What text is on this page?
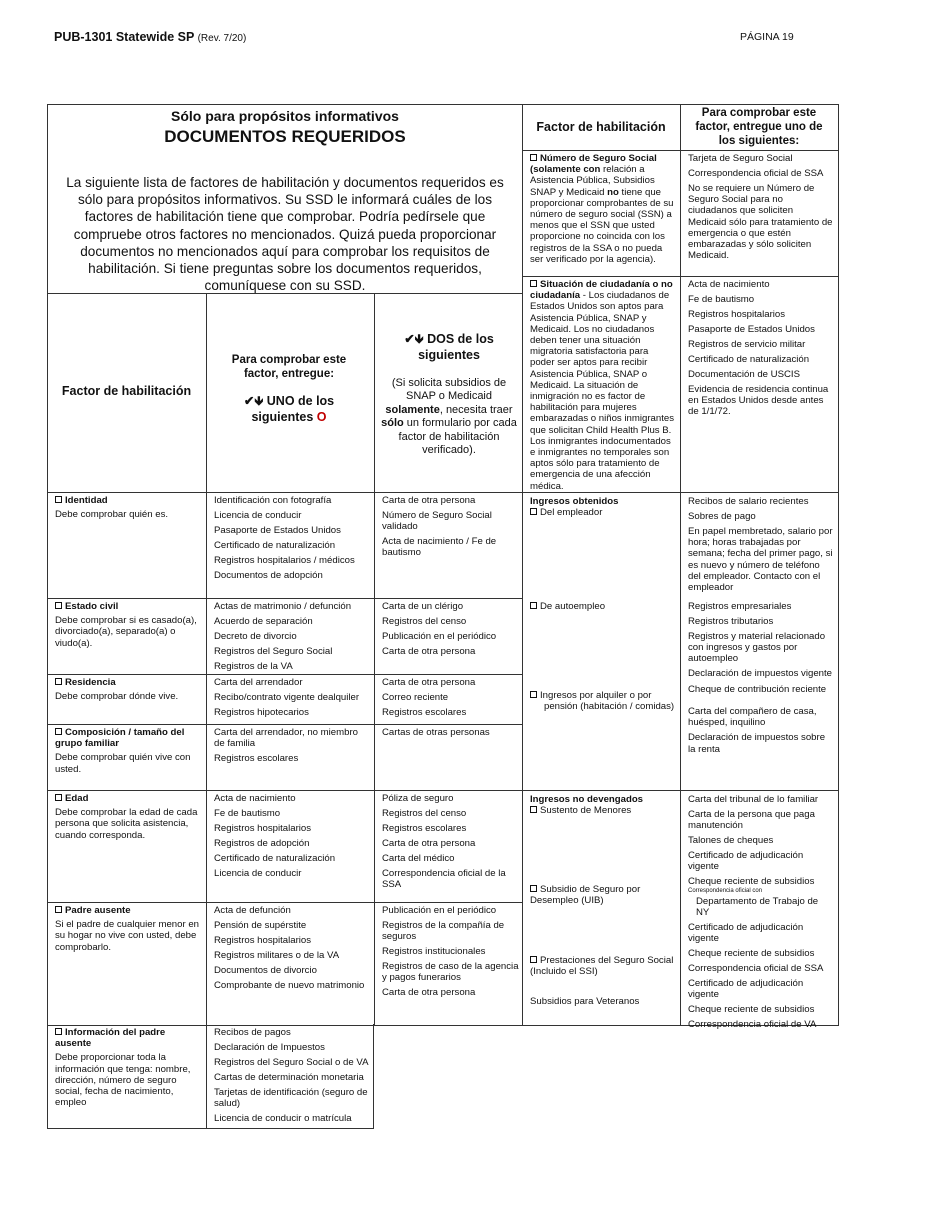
PUB-1301 Statewide SP (Rev. 7/20)	PÁGINA 19
Sólo para propósitos informativos
DOCUMENTOS REQUERIDOS
La siguiente lista de factores de habilitación y documentos requeridos es sólo para propósitos informativos. Su SSD le informará cuáles de los factores de habilitación tiene que comprobar. Podría pedírsele que compruebe otros factores no mencionados. Quizá pueda proporcionar documentos no mencionados aquí para comprobar los requisitos de habilitación. Si tiene preguntas sobre los documentos requeridos, comuníquese con su SSD.
Factor de habilitación
Para comprobar este factor, entregue:
✔🡻 UNO de los siguientes O
✔🡻 DOS de los siguientes
(Si solicita subsidios de SNAP o Medicaid solamente, necesita traer sólo un formulario por cada factor de habilitación verificado).
Identidad
Debe comprobar quién es.
Identificación con fotografía
Licencia de conducir
Pasaporte de Estados Unidos
Certificado de naturalización
Registros hospitalarios / médicos
Documentos de adopción
Carta de otra persona
Número de Seguro Social validado
Acta de nacimiento / Fe de bautismo
Estado civil
Debe comprobar si es casado(a), divorciado(a), separado(a) o viudo(a).
Actas de matrimonio / defunción
Acuerdo de separación
Decreto de divorcio
Registros del Seguro Social
Registros de la VA
Carta de un clérigo
Registros del censo
Publicación en el periódico
Carta de otra persona
Residencia
Debe comprobar dónde vive.
Carta del arrendador
Recibo/contrato vigente dealquiler
Registros hipotecarios
Carta de otra persona
Correo reciente
Registros escolares
Composición / tamaño del grupo familiar
Debe comprobar quién vive con usted.
Carta del arrendador, no miembro de familia
Registros escolares
Cartas de otras personas
Edad
Debe comprobar la edad de cada persona que solicita asistencia, cuando corresponda.
Acta de nacimiento
Fe de bautismo
Registros hospitalarios
Registros de adopción
Certificado de naturalización
Licencia de conducir
Póliza de seguro
Registros del censo
Registros escolares
Carta de otra persona
Carta del médico
Correspondencia oficial de la SSA
Padre ausente
Si el padre de cualquier menor en su hogar no vive con usted, debe comprobarlo.
Acta de defunción
Pensión de supérstite
Registros hospitalarios
Registros militares o de la VA
Documentos de divorcio
Comprobante de nuevo matrimonio
Publicación en el periódico
Registros de la compañía de seguros
Registros institucionales
Registros de caso de la agencia y pagos funerarios
Carta de otra persona
Información del padre ausente
Debe proporcionar toda la información que tenga: nombre, dirección, número de seguro social, fecha de nacimiento, empleo
Recibos de pagos
Declaración de Impuestos
Registros del Seguro Social o de VA
Cartas de determinación monetaria
Tarjetas de identificación (seguro de salud)
Licencia de conducir o matrícula
Factor de habilitación
Para comprobar este factor, entregue uno de los siguientes:
Número de Seguro Social
(solamente con relación a Asistencia Pública, Subsidios SNAP y Medicaid no tiene que proporcionar comprobantes de su número de seguro social (SSN) a menos que el SSN que usted proporcione no coincida con los registros de la SSA o no pueda ser verificado por la agencia).
Tarjeta de Seguro Social
Correspondencia oficial de SSA
No se requiere un Número de Seguro Social para no ciudadanos que soliciten Medicaid sólo para tratamiento de emergencia o que estén embarazadas y sólo soliciten Medicaid.
Situación de ciudadanía o no ciudadanía - Los ciudadanos de Estados Unidos son aptos para Asistencia Pública, SNAP y Medicaid. Los no ciudadanos deben tener una situación migratoria satisfactoria para poder ser aptos para recibir Asistencia Pública, SNAP o Medicaid. La situación de inmigración no es factor de habilitación para mujeres embarazadas o niños inmigrantes que solicitan Child Health Plus B. Los inmigrantes indocumentados e inmigrantes no temporales son aptos sólo para tratamiento de emergencia de una afección médica.
Acta de nacimiento
Fe de bautismo
Registros hospitalarios
Pasaporte de Estados Unidos
Registros de servicio militar
Certificado de naturalización
Documentación de USCIS
Evidencia de residencia continua en Estados Unidos desde antes de 1/1/72.
Ingresos obtenidos
Del empleador
De autoempleo
Ingresos por alquiler o por pensión (habitación / comidas)
Recibos de salario recientes
Sobres de pago
En papel membretado, salario por hora; horas trabajadas por semana; fecha del primer pago, si es nuevo y número de teléfono del empleador. Contacto con el empleador
Registros empresariales
Registros tributarios
Registros y material relacionado con ingresos y gastos por autoempleo
Declaración de impuestos vigente
Cheque de contribución reciente
Carta del compañero de casa, huésped, inquilino
Declaración de impuestos sobre la renta
Ingresos no devengados
Sustento de Menores
Subsidio de Seguro por Desempleo (UIB)
Prestaciones del Seguro Social (Incluido el SSI)
Subsidios para Veteranos
Carta del tribunal de lo familiar
Carta de la persona que paga manutención
Talones de cheques
Certificado de adjudicación vigente
Cheque reciente de subsidios
Correspondencia oficial con
Departamento de Trabajo de NY
Certificado de adjudicación vigente
Cheque reciente de subsidios
Correspondencia oficial de SSA
Certificado de adjudicación vigente
Cheque reciente de subsidios
Correspondencia oficial de VA
